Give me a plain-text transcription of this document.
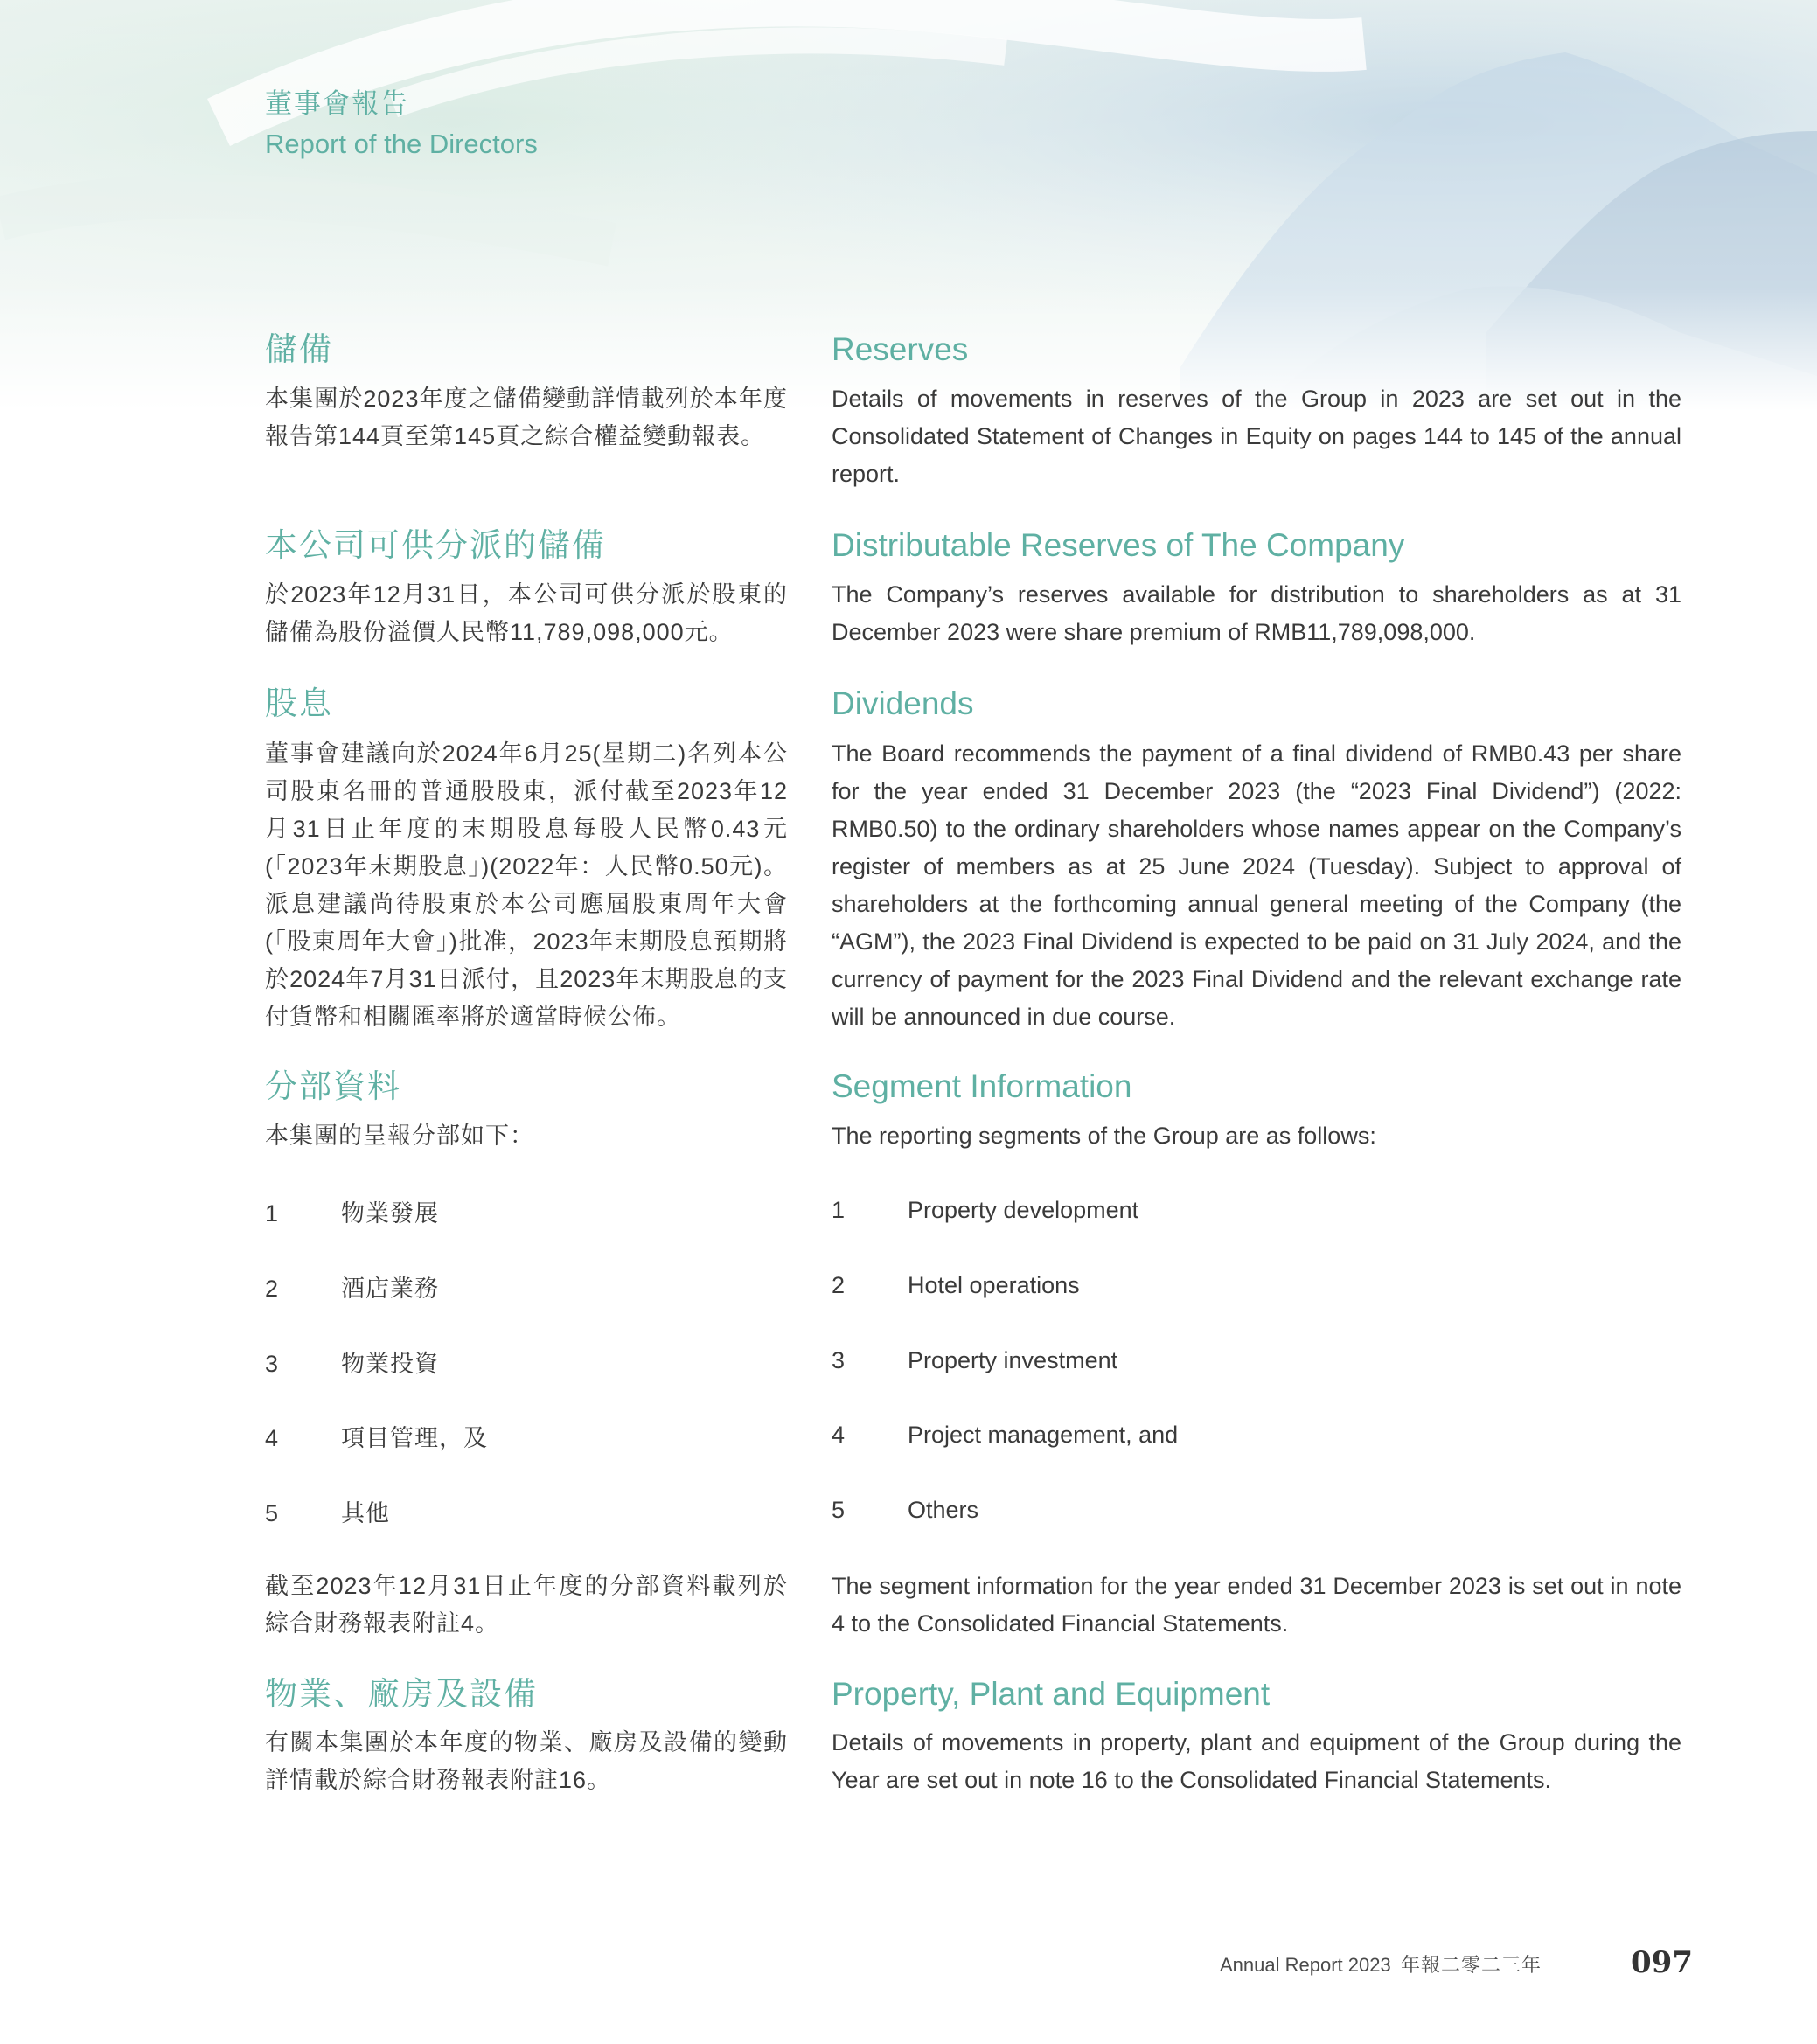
董事會報告
Report of the Directors
儲備	Reserves
本集團於2023年度之儲備變動詳情載列於本年度報告第144頁至第145頁之綜合權益變動報表。
Details of movements in reserves of the Group in 2023 are set out in the Consolidated Statement of Changes in Equity on pages 144 to 145 of the annual report.
本公司可供分派的儲備	Distributable Reserves of The Company
於2023年12月31日，本公司可供分派於股東的儲備為股份溢價人民幣11,789,098,000元。
The Company’s reserves available for distribution to shareholders as at 31 December 2023 were share premium of RMB11,789,098,000.
股息	Dividends
董事會建議向於2024年6月25(星期二)名列本公司股東名冊的普通股股東，派付截至2023年12月31日止年度的末期股息每股人民幣0.43元(「2023年末期股息」)(2022年：人民幣0.50元)。派息建議尚待股東於本公司應屆股東周年大會(「股東周年大會」)批准，2023年末期股息預期將於2024年7月31日派付，且2023年末期股息的支付貨幣和相關匯率將於適當時候公佈。
The Board recommends the payment of a final dividend of RMB0.43 per share for the year ended 31 December 2023 (the “2023 Final Dividend”) (2022: RMB0.50) to the ordinary shareholders whose names appear on the Company’s register of members as at 25 June 2024 (Tuesday). Subject to approval of shareholders at the forthcoming annual general meeting of the Company (the “AGM”), the 2023 Final Dividend is expected to be paid on 31 July 2024, and the currency of payment for the 2023 Final Dividend and the relevant exchange rate will be announced in due course.
分部資料	Segment Information
本集團的呈報分部如下：	The reporting segments of the Group are as follows:
1	物業發展
2	酒店業務
3	物業投資
4	項目管理，及
5	其他
1	Property development
2	Hotel operations
3	Property investment
4	Project management, and
5	Others
截至2023年12月31日止年度的分部資料載列於綜合財務報表附註4。
The segment information for the year ended 31 December 2023 is set out in note 4 to the Consolidated Financial Statements.
物業、廠房及設備	Property, Plant and Equipment
有關本集團於本年度的物業、廠房及設備的變動詳情載於綜合財務報表附註16。
Details of movements in property, plant and equipment of the Group during the Year are set out in note 16 to the Consolidated Financial Statements.
Annual Report 2023 年報二零二三年	097
